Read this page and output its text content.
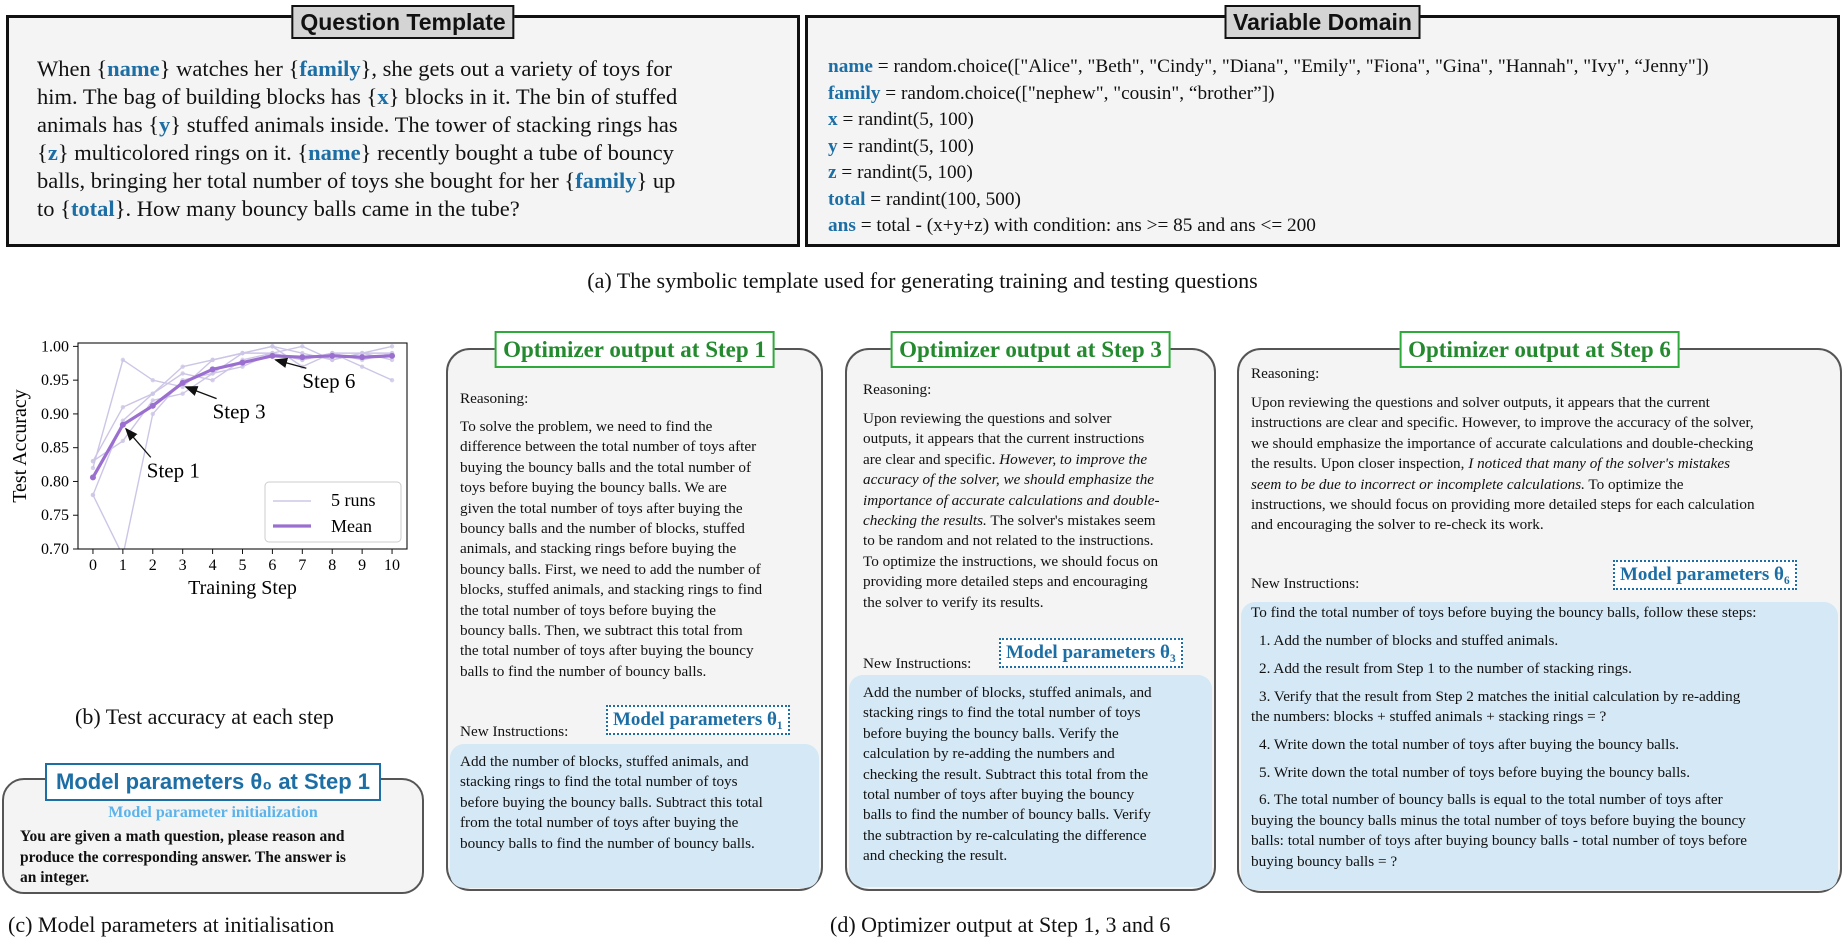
Question Template
When {name} watches her {family}, she gets out a variety of toys for
him. The bag of building blocks has {x} blocks in it. The bin of stuffed
animals has {y} stuffed animals inside. The tower of stacking rings has
{z} multicolored rings on it. {name} recently bought a tube of bouncy
balls, bringing her total number of toys she bought for her {family} up
to {total}. How many bouncy balls came in the tube?
Variable Domain
name = random.choice(["Alice", "Beth", "Cindy", "Diana", "Emily", "Fiona", "Gina", "Hannah", "Ivy", “Jenny"])
family = random.choice(["nephew", "cousin", “brother”])
x = randint(5, 100)
y = randint(5, 100)
z = randint(5, 100)
total = randint(100, 500)
ans = total - (x+y+z) with condition: ans >= 85 and ans <= 200
(a) The symbolic template used for generating training and testing questions
0 1 2 3 4 5 6 7 8 9 10
0.70
0.75
0.80
0.85
0.90
0.95
1.00
Training Step
Test Accuracy	Step 1
Step 3
Step 6
5 runs
Mean
(b) Test accuracy at each step
Model parameters θ₀ at Step 1
Model parameter initialization
You are given a math question, please reason and
produce the corresponding answer. The answer is
an integer.
(c) Model parameters at initialisation
Optimizer output at Step 1
Reasoning:
To solve the problem, we need to find the
difference between the total number of toys after
buying the bouncy balls and the total number of
toys before buying the bouncy balls. We are
given the total number of toys after buying the
bouncy balls and the number of blocks, stuffed
animals, and stacking rings before buying the
bouncy balls. First, we need to add the number of
blocks, stuffed animals, and stacking rings to find
the total number of toys before buying the
bouncy balls. Then, we subtract this total from
the total number of toys after buying the bouncy
balls to find the number of bouncy balls.
New Instructions:
Model parameters θ₁
Add the number of blocks, stuffed animals, and
stacking rings to find the total number of toys
before buying the bouncy balls. Subtract this total
from the total number of toys after buying the
bouncy balls to find the number of bouncy balls.
Optimizer output at Step 3
Reasoning:
Upon reviewing the questions and solver
outputs, it appears that the current instructions
are clear and specific. However, to improve the
accuracy of the solver, we should emphasize the
importance of accurate calculations and double-
checking the results. The solver's mistakes seem
to be random and not related to the instructions.
To optimize the instructions, we should focus on
providing more detailed steps and encouraging
the solver to verify its results.
New Instructions:
Model parameters θ₃
Add the number of blocks, stuffed animals, and
stacking rings to find the total number of toys
before buying the bouncy balls. Verify the
calculation by re-adding the numbers and
checking the result. Subtract this total from the
total number of toys after buying the bouncy
balls to find the number of bouncy balls. Verify
the subtraction by re-calculating the difference
and checking the result.
Optimizer output at Step 6
Reasoning:
Upon reviewing the questions and solver outputs, it appears that the current
instructions are clear and specific. However, to improve the accuracy of the solver,
we should emphasize the importance of accurate calculations and double-checking
the results. Upon closer inspection, I noticed that many of the solver's mistakes
seem to be due to incorrect or incomplete calculations. To optimize the
instructions, we should focus on providing more detailed steps for each calculation
and encouraging the solver to re-check its work.
New Instructions:	Model parameters θ₆
To find the total number of toys before buying the bouncy balls, follow these steps:
1. Add the number of blocks and stuffed animals.
2. Add the result from Step 1 to the number of stacking rings.
3. Verify that the result from Step 2 matches the initial calculation by re-adding
the numbers: blocks + stuffed animals + stacking rings = ?
4. Write down the total number of toys after buying the bouncy balls.
5. Write down the total number of toys before buying the bouncy balls.
6. The total number of bouncy balls is equal to the total number of toys after
buying the bouncy balls minus the total number of toys before buying the bouncy
balls: total number of toys after buying bouncy balls - total number of toys before
buying bouncy balls = ?
(d) Optimizer output at Step 1, 3 and 6
